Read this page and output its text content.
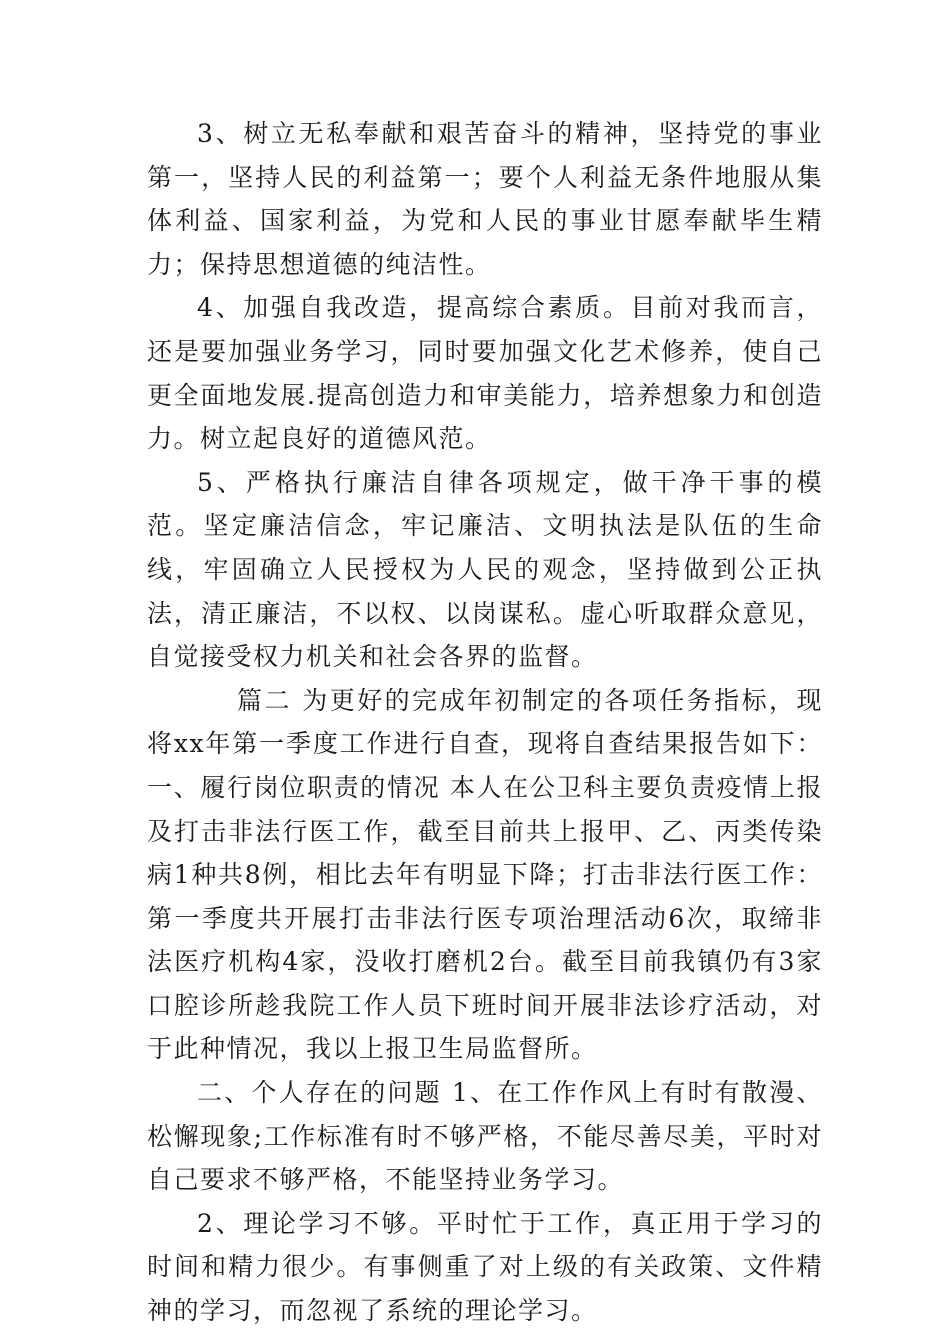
3、树立无私奉献和艰苦奋斗的精神，坚持党的事业第一，坚持人民的利益第一；要个人利益无条件地服从集体利益、国家利益，为党和人民的事业甘愿奉献毕生精力；保持思想道德的纯洁性。

4、加强自我改造，提高综合素质。目前对我而言，还是要加强业务学习，同时要加强文化艺术修养，使自己更全面地发展.提高创造力和审美能力，培养想象力和创造力。树立起良好的道德风范。

5、严格执行廉洁自律各项规定，做干净干事的模范。坚定廉洁信念，牢记廉洁、文明执法是队伍的生命线，牢固确立人民授权为人民的观念，坚持做到公正执法，清正廉洁，不以权、以岗谋私。虚心听取群众意见，自觉接受权力机关和社会各界的监督。

篇二 为更好的完成年初制定的各项任务指标，现将xx年第一季度工作进行自查，现将自查结果报告如下：一、履行岗位职责的情况 本人在公卫科主要负责疫情上报及打击非法行医工作，截至目前共上报甲、乙、丙类传染病1种共8例，相比去年有明显下降；打击非法行医工作：第一季度共开展打击非法行医专项治理活动6次，取缔非法医疗机构4家，没收打磨机2台。截至目前我镇仍有3家口腔诊所趁我院工作人员下班时间开展非法诊疗活动，对于此种情况，我以上报卫生局监督所。

二、个人存在的问题 1、在工作作风上有时有散漫、松懈现象;工作标准有时不够严格，不能尽善尽美，平时对自己要求不够严格，不能坚持业务学习。

2、理论学习不够。平时忙于工作，真正用于学习的时间和精力很少。有事侧重了对上级的有关政策、文件精神的学习，而忽视了系统的理论学习。
